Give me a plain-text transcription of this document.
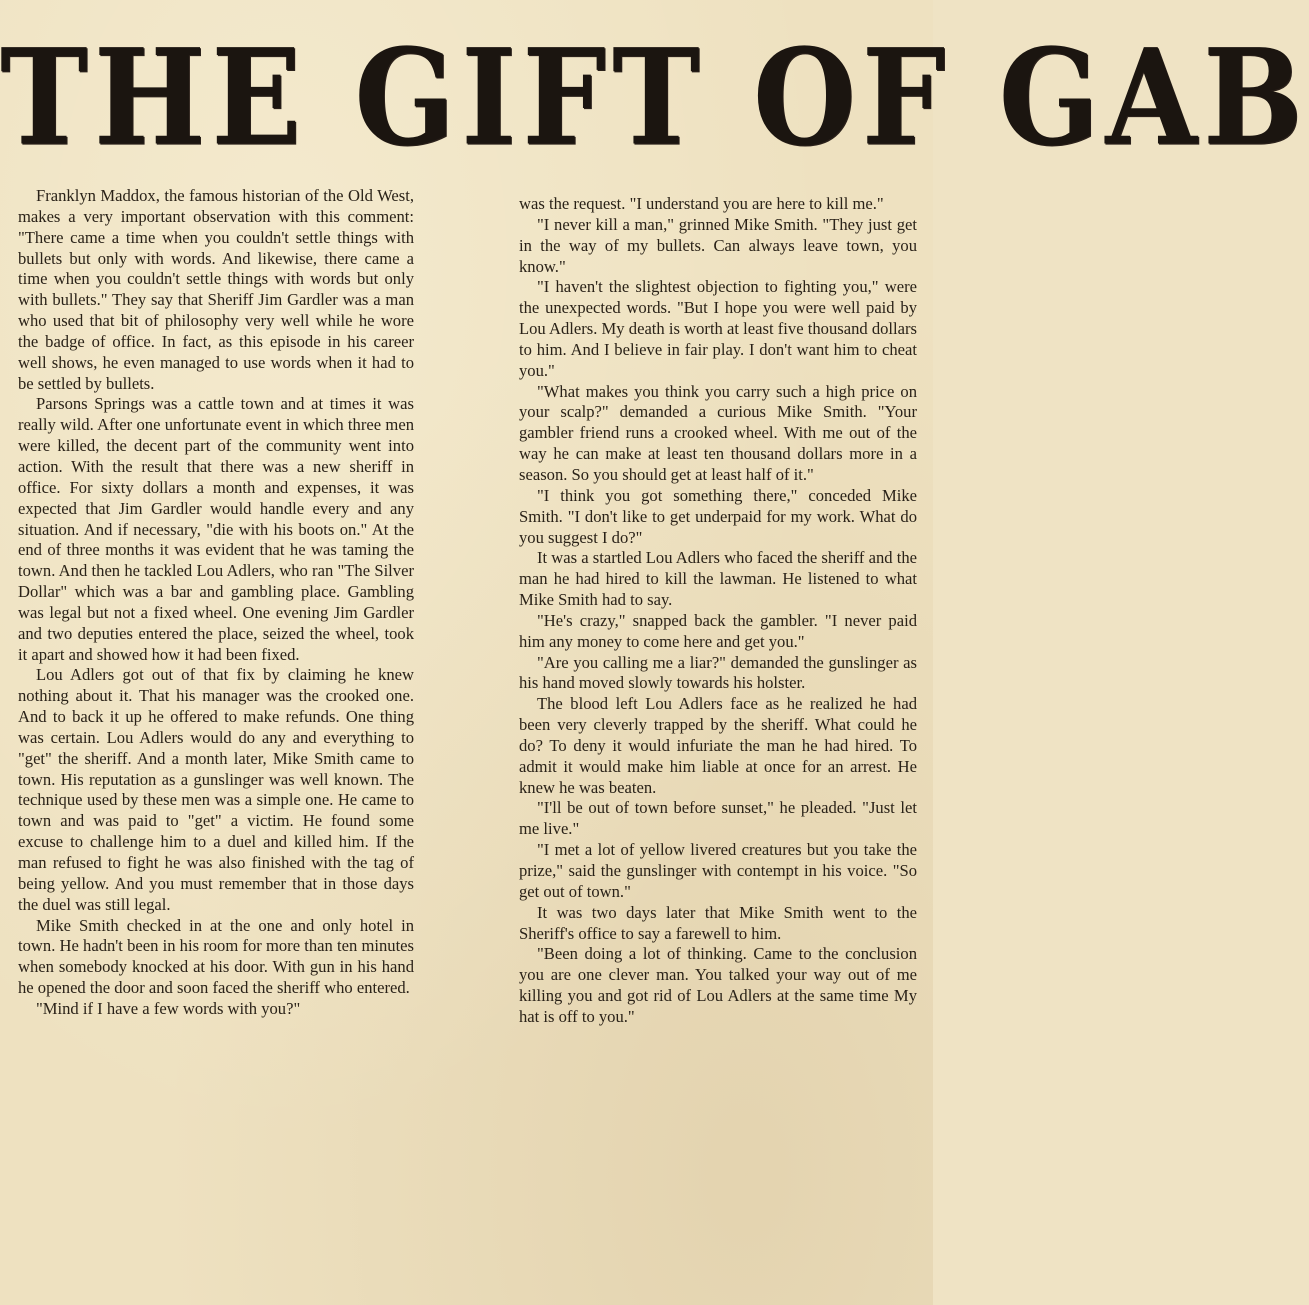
THE GIFT OF GAB

Franklyn Maddox, the famous historian of the Old West, makes a very important observation with this comment: "There came a time when you couldn't settle things with bullets but only with words. And likewise, there came a time when you couldn't settle things with words but only with bullets." They say that Sheriff Jim Gardler was a man who used that bit of philosophy very well while he wore the badge of office. In fact, as this episode in his career well shows, he even managed to use words when it had to be settled by bullets.

Parsons Springs was a cattle town and at times it was really wild. After one unfortunate event in which three men were killed, the decent part of the community went into action. With the result that there was a new sheriff in office. For sixty dollars a month and expenses, it was expected that Jim Gardler would handle every and any situation. And if necessary, "die with his boots on." At the end of three months it was evident that he was taming the town. And then he tackled Lou Adlers, who ran "The Silver Dollar" which was a bar and gambling place. Gambling was legal but not a fixed wheel. One evening Jim Gardler and two deputies entered the place, seized the wheel, took it apart and showed how it had been fixed.

Lou Adlers got out of that fix by claiming he knew nothing about it. That his manager was the crooked one. And to back it up he offered to make refunds. One thing was certain. Lou Adlers would do any and everything to "get" the sheriff. And a month later, Mike Smith came to town. His reputation as a gunslinger was well known. The technique used by these men was a simple one. He came to town and was paid to "get" a victim. He found some excuse to challenge him to a duel and killed him. If the man refused to fight he was also finished with the tag of being yellow. And you must remember that in those days the duel was still legal.

Mike Smith checked in at the one and only hotel in town. He hadn't been in his room for more than ten minutes when somebody knocked at his door. With gun in his hand he opened the door and soon faced the sheriff who entered.

"Mind if I have a few words with you?"

was the request. "I understand you are here to kill me."

"I never kill a man," grinned Mike Smith. "They just get in the way of my bullets. Can always leave town, you know."

"I haven't the slightest objection to fighting you," were the unexpected words. "But I hope you were well paid by Lou Adlers. My death is worth at least five thousand dollars to him. And I believe in fair play. I don't want him to cheat you."

"What makes you think you carry such a high price on your scalp?" demanded a curious Mike Smith. "Your gambler friend runs a crooked wheel. With me out of the way he can make at least ten thousand dollars more in a season. So you should get at least half of it."

"I think you got something there," conceded Mike Smith. "I don't like to get underpaid for my work. What do you suggest I do?"

It was a startled Lou Adlers who faced the sheriff and the man he had hired to kill the lawman. He listened to what Mike Smith had to say.

"He's crazy," snapped back the gambler. "I never paid him any money to come here and get you."

"Are you calling me a liar?" demanded the gunslinger as his hand moved slowly towards his holster.

The blood left Lou Adlers face as he realized he had been very cleverly trapped by the sheriff. What could he do? To deny it would infuriate the man he had hired. To admit it would make him liable at once for an arrest. He knew he was beaten.

"I'll be out of town before sunset," he pleaded. "Just let me live."

"I met a lot of yellow livered creatures but you take the prize," said the gunslinger with contempt in his voice. "So get out of town."

It was two days later that Mike Smith went to the Sheriff's office to say a farewell to him.

"Been doing a lot of thinking. Came to the conclusion you are one clever man. You talked your way out of me killing you and got rid of Lou Adlers at the same time My hat is off to you."
